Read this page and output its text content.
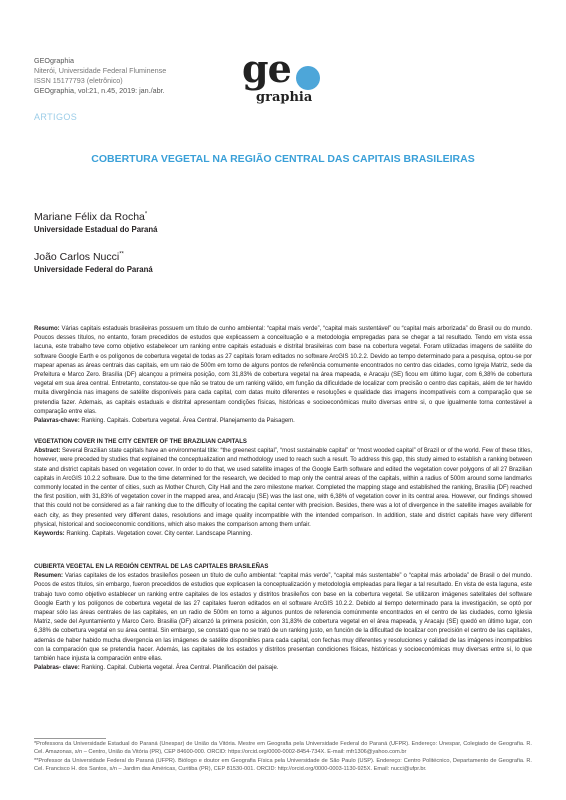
GEOgraphia
Niterói, Universidade Federal Fluminense
ISSN 15177793 (eletrônico)
GEOgraphia, vol:21, n.45, 2019: jan./abr. ge
graphia
ARTIGOS
COBERTURA VEGETAL NA REGIÃO CENTRAL DAS CAPITAIS BRASILEIRAS
Mariane Félix da Rocha*
Universidade Estadual do Paraná
João Carlos Nucci**
Universidade Federal do Paraná
Resumo: Várias capitais estaduais brasileiras possuem um título de cunho ambiental: “capital mais verde”, “capital mais sustentável” ou “capital mais arborizada” do Brasil ou do mundo. Poucos desses títulos, no entanto, foram precedidos de estudos que explicassem a conceituação e a metodologia empregadas para se chegar a tal resultado. Tendo em vista essa lacuna, este trabalho teve como objetivo estabelecer um ranking entre capitais estaduais e distrital brasileiras com base na cobertura vegetal. Foram utilizadas imagens de satélite do software Google Earth e os polígonos de cobertura vegetal de todas as 27 capitais foram editados no software ArcGIS 10.2.2. Devido ao tempo determinado para a pesquisa, optou-se por mapear apenas as áreas centrais das capitais, em um raio de 500m em torno de alguns pontos de referência comumente encontrados no centro das cidades, como Igreja Matriz, sede da Prefeitura e Marco Zero. Brasília (DF) alcançou a primeira posição, com 31,83% de cobertura vegetal na área mapeada, e Aracaju (SE) ficou em último lugar, com 6,38% de cobertura vegetal em sua área central. Entretanto, constatou-se que não se tratou de um ranking válido, em função da dificuldade de localizar com precisão o centro das capitais, além de ter havido muita divergência nas imagens de satélite disponíveis para cada capital, com datas muito diferentes e resoluções e qualidade das imagens incompatíveis com a comparação que se pretendia fazer. Ademais, as capitais estaduais e distrital apresentam condições físicas, históricas e socioeconômicas muito diversas entre si, o que igualmente torna contestável a comparação entre elas.
Palavras-chave: Ranking. Capitais. Cobertura vegetal. Área Central. Planejamento da Paisagem.
VEGETATION COVER IN THE CITY CENTER OF THE BRAZILIAN CAPITALS
Abstract: Several Brazilian state capitals have an environmental title: “the greenest capital”, “most sustainable capital” or “most wooded capital” of Brazil or of the world. Few of these titles, however, were preceded by studies that explained the conceptualization and methodology used to reach such a result. To address this gap, this study aimed to establish a ranking between state and district capitals based on vegetation cover. In order to do that, we used satellite images of the Google Earth software and edited the vegetation cover polygons of all 27 Brazilian capitals in ArcGIS 10.2.2 software. Due to the time determined for the research, we decided to map only the central areas of the capitals, within a radius of 500m around some landmarks commonly located in the center of cities, such as Mother Church, City Hall and the zero milestone marker. Completed the mapping stage and established the ranking, Brasília (DF) reached the first position, with 31,83% of vegetation cover in the mapped area, and Aracaju (SE) was the last one, with 6,38% of vegetation cover in its central area. However, our findings showed that this could not be considered as a fair ranking due to the difficulty of locating the capital center with precision. Besides, there was a lot of divergence in the satellite images available for each city, as they presented very different dates, resolutions and image quality incompatible with the intended comparison. In addition, state and district capitals have very different physical, historical and socioeconomic conditions, which also makes the comparison among them unfair.
Keywords: Ranking. Capitals. Vegetation cover. City center. Landscape Planning.
CUBIERTA VEGETAL EN LA REGIÓN CENTRAL DE LAS CAPITALES BRASILEÑAS
Resumen: Varias capitales de los estados brasileños poseen un título de cuño ambiental: “capital más verde”, “capital más sustentable” o “capital más arbolada” de Brasil o del mundo. Pocos de estos títulos, sin embargo, fueron precedidos de estudios que explicasen la conceptualización y metodología empleadas para llegar a tal resultado. En vista de esta laguna, este trabajo tuvo como objetivo establecer un ranking entre capitales de los estados y distritos brasileños con base en la cobertura vegetal. Se utilizaron imágenes satelitales del software Google Earth y los polígonos de cobertura vegetal de las 27 capitales fueron editados en el software ArcGIS 10.2.2. Debido al tiempo determinado para la investigación, se optó por mapear sólo las áreas centrales de las capitales, en un radio de 500m en torno a algunos puntos de referencia comúnmente encontrados en el centro de las ciudades, como Iglesia Matriz, sede del Ayuntamiento y Marco Cero. Brasilia (DF) alcanzó la primera posición, con 31,83% de cobertura vegetal en el área mapeada, y Aracaju (SE) quedó en último lugar, con 6,38% de cobertura vegetal en su área central. Sin embargo, se constató que no se trató de un ranking justo, en función de la dificultad de localizar con precisión el centro de las capitales, además de haber habido mucha divergencia en las imágenes de satélite disponibles para cada capital, con fechas muy diferentes y resoluciones y calidad de las imágenes incompatibles con la comparación que se pretendía hacer. Además, las capitales de los estados y distritos presentan condiciones físicas, históricas y socioeconómicas muy diversas entre sí, lo que también hace injusta la comparación entre ellas.
Palabras- clave: Ranking. Capital. Cubierta vegetal. Área Central. Planificación del paisaje.
*Professora da Universidade Estadual do Paraná (Unespar) de União da Vitória. Mestre em Geografia pela Universidade Federal do Paraná (UFPR). Endereço: Unespar, Colegiado de Geografia. R. Cel. Amazonas, s/n – Centro, União da Vitória (PR), CEP 84600-000. ORCID: https://orcid.org/0000-0002-8454-734X. E-mail: mfr1306@yahoo.com.br
**Professor da Universidade Federal do Paraná (UFPR). Biólogo e doutor em Geografia Física pela Universidade de São Paulo (USP). Endereço: Centro Politécnico, Departamento de Geografia. R. Cel. Francisco H. dos Santos, s/n – Jardim das Américas, Curitiba (PR), CEP 81530-001. ORCID: http://orcid.org/0000-0003-1130-925X. Email: nucci@ufpr.br.
